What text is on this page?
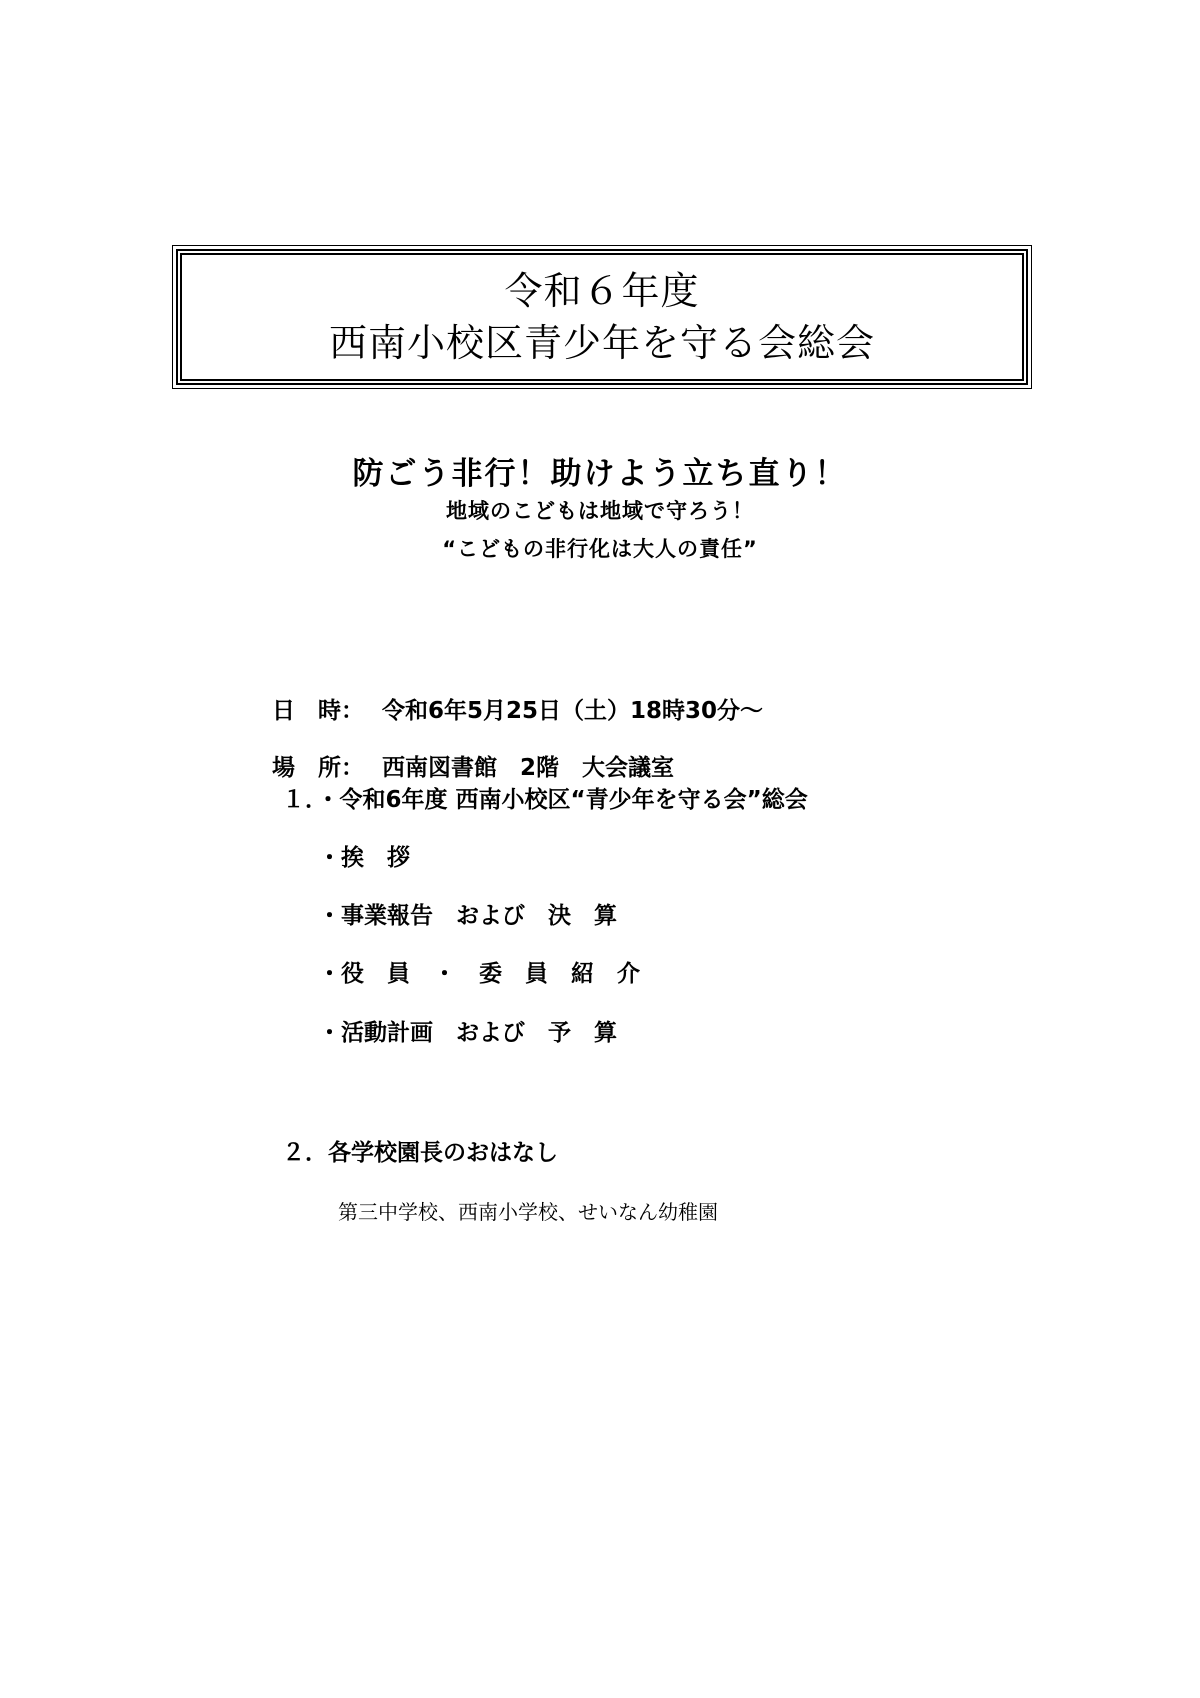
令和６年度

西南小校区青少年を守る会総会

防ごう非行！助けよう立ち直り！
地域のこどもは地域で守ろう！
“こどもの非行化は大人の責任”

日　時： 令和6年5月25日（土）18時30分～

場　所： 西南図書館　2階　大会議室

１．・令和6年度 西南小校区“青少年を守る会”総会
・挨　拶
・事業報告　および　決　算
・役　員　・　委　員　紹　介
・活動計画　および　予　算
２．各学校園長のおはなし
第三中学校、西南小学校、せいなん幼稚園
